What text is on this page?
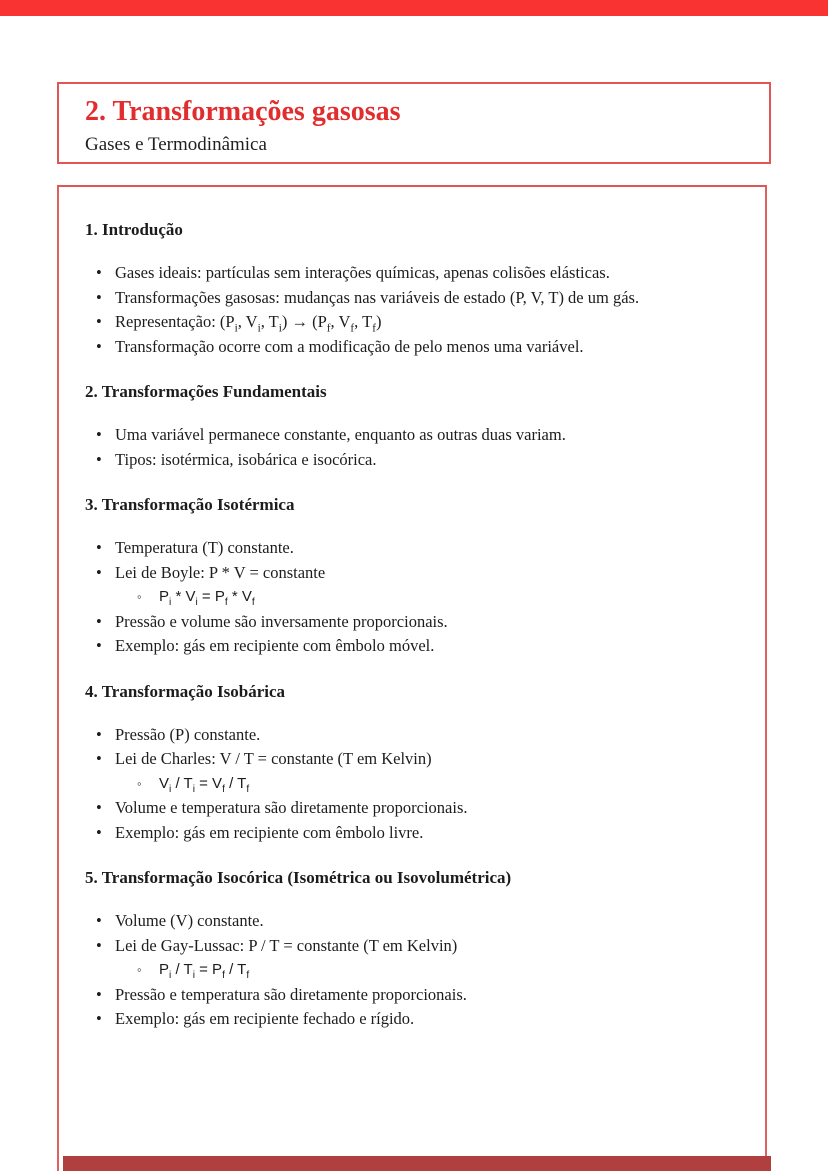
2. Transformações gasosas
Gases e Termodinâmica
1. Introdução
• Gases ideais: partículas sem interações químicas, apenas colisões elásticas.
• Transformações gasosas: mudanças nas variáveis de estado (P, V, T) de um gás.
• Representação: ($P_i$, $V_i$, $T_i) \to (P_f$, $V_f$, $T_f$)
• Transformação ocorre com a modificação de pelo menos uma variável.
2. Transformações Fundamentais
• Uma variável permanece constante, enquanto as outras duas variam.
• Tipos: isotérmica, isobárica e isocórica.
3. Transformação Isotérmica
• Temperatura (T) constante.
• Lei de Boyle: P * V = constante
◦ $P_i * V_i = P_f * V_f$
• Pressão e volume são inversamente proporcionais.
• Exemplo: gás em recipiente com êmbolo móvel.
4. Transformação Isobárica
• Pressão (P) constante.
• Lei de Charles: V / T = constante (T em Kelvin)
◦ $V_i / T_i = V_f / T_f$
• Volume e temperatura são diretamente proporcionais.
• Exemplo: gás em recipiente com êmbolo livre.
5. Transformação Isocórica (Isométrica ou Isovolumétrica)
• Volume (V) constante.
• Lei de Gay-Lussac: P / T = constante (T em Kelvin)
◦ $P_i / T_i = P_f / T_f$
• Pressão e temperatura são diretamente proporcionais.
• Exemplo: gás em recipiente fechado e rígido.
